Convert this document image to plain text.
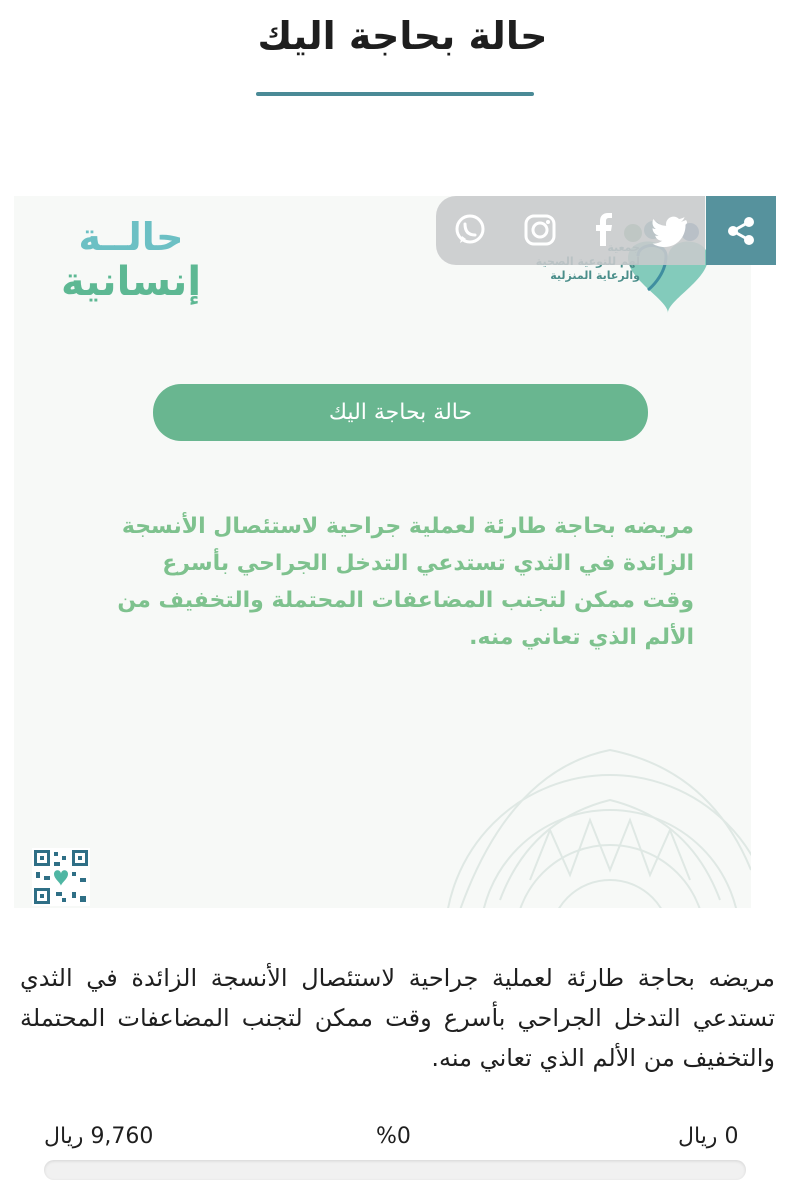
حالة بحاجة اليك
حالــة
إنسانية	والرعاية المنزلية
حالة بحاجة اليك
مريضه بحاجة طارئة لعملية جراحية لاستئصال الأنسجة الزائدة في الثدي تستدعي التدخل الجراحي بأسرع وقت ممكن لتجنب المضاعفات المحتملة والتخفيف من الألم الذي تعاني منه.

مريضه بحاجة طارئة لعملية جراحية لاستئصال الأنسجة الزائدة في الثدي تستدعي التدخل الجراحي بأسرع وقت ممكن لتجنب المضاعفات المحتملة والتخفيف من الألم الذي تعاني منه.

0 ريال
%0
9,760 ريال
